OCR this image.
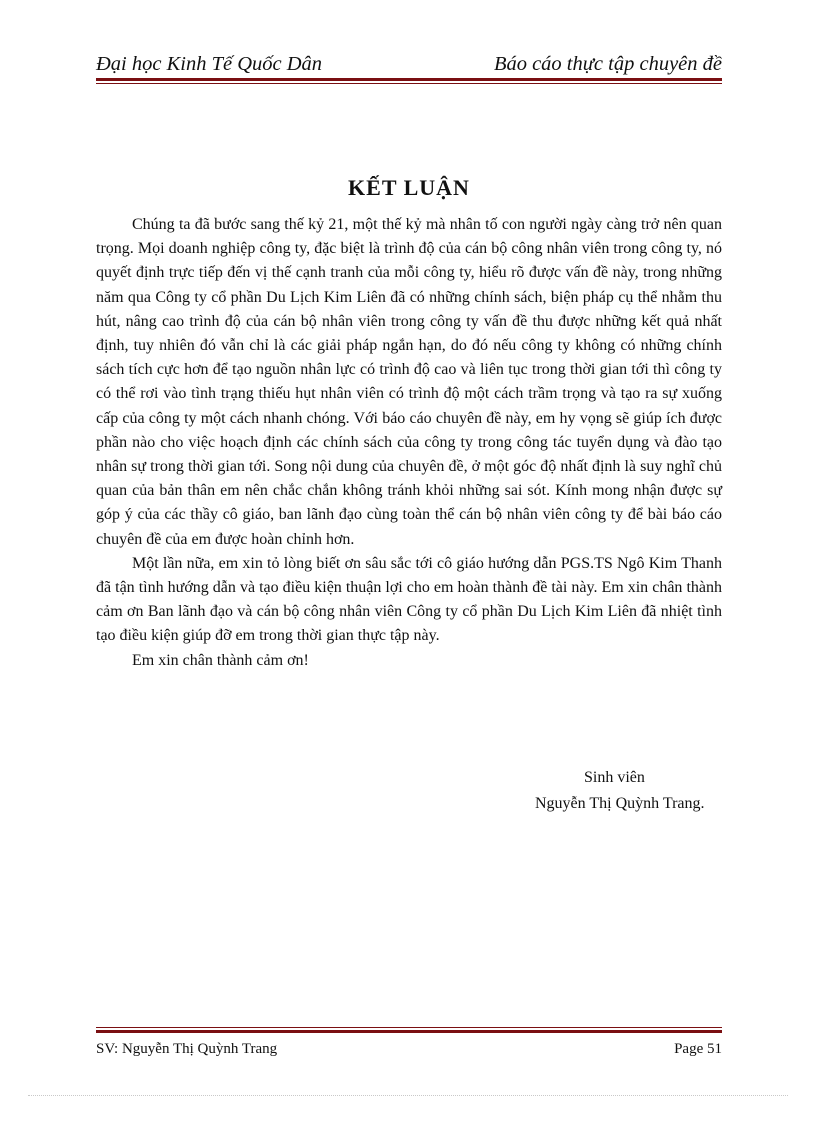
Đại học Kinh Tế Quốc Dân	Báo cáo thực tập chuyên đề
KẾT LUẬN

Chúng ta đã bước sang thế kỷ 21, một thế kỷ mà nhân tố con người ngày càng trở nên quan trọng. Mọi doanh nghiệp công ty, đặc biệt là trình độ của cán bộ công nhân viên trong công ty, nó quyết định trực tiếp đến vị thế cạnh tranh của mỗi công ty, hiểu rõ được vấn đề này, trong những năm qua Công ty cổ phần Du Lịch Kim Liên đã có những chính sách, biện pháp cụ thể nhằm thu hút, nâng cao trình độ của cán bộ nhân viên trong công ty vấn đề thu được những kết quả nhất định, tuy nhiên đó vẫn chỉ là các giải pháp ngắn hạn, do đó nếu công ty không có những chính sách tích cực hơn để tạo nguồn nhân lực có trình độ cao và liên tục trong thời gian tới thì công ty có thể rơi vào tình trạng thiếu hụt nhân viên có trình độ một cách trầm trọng và tạo ra sự xuống cấp của công ty một cách nhanh chóng. Với báo cáo chuyên đề này, em hy vọng sẽ giúp ích được phần nào cho việc hoạch định các chính sách của công ty trong công tác tuyển dụng và đào tạo nhân sự trong thời gian tới. Song nội dung của chuyên đề, ở một góc độ nhất định là suy nghĩ chủ quan của bản thân em nên chắc chắn không tránh khỏi những sai sót. Kính mong nhận được sự góp ý của các thầy cô giáo, ban lãnh đạo cùng toàn thể cán bộ nhân viên công ty để bài báo cáo chuyên đề của em được hoàn chỉnh hơn.

Một lần nữa, em xin tỏ lòng biết ơn sâu sắc tới cô giáo hướng dẫn PGS.TS Ngô Kim Thanh đã tận tình hướng dẫn và tạo điều kiện thuận lợi cho em hoàn thành đề tài này. Em xin chân thành cảm ơn Ban lãnh đạo và cán bộ công nhân viên Công ty cổ phần Du Lịch Kim Liên đã nhiệt tình tạo điều kiện giúp đỡ em trong thời gian thực tập này.

Em xin chân thành cảm ơn!

Sinh viên
Nguyễn Thị Quỳnh Trang.
SV: Nguyễn Thị Quỳnh Trang	Page 51
